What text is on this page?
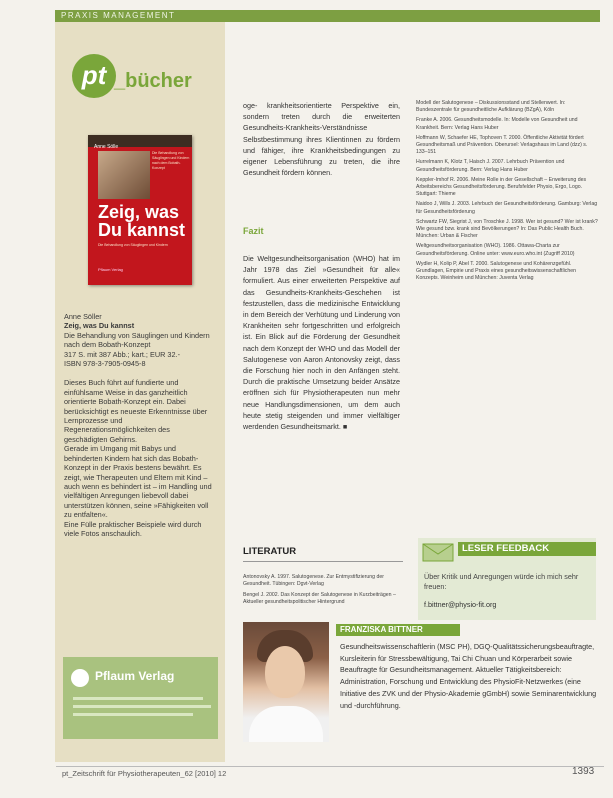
PRAXIS MANAGEMENT
pt _bücher
Anne Sölle
Die Behandlung von Säuglingen und Kindern nach dem Bobath-Konzept
Zeig, was
Du kannst
Die Behandlung von Säuglingen und Kindern
Pflaum Verlag

Anne Söller

Zeig, was Du kannst

Die Behandlung von Säuglingen und Kindern nach dem Bobath-Konzept

317 S. mit 387 Abb.; kart.; EUR 32.-

ISBN 978-3-7905-0945-8

Dieses Buch führt auf fundierte und einfühlsame Weise in das ganzheitlich orientierte Bobath-Konzept ein. Dabei berücksichtigt es neueste Erkenntnisse über Lernprozesse und Regenerationsmöglichkeiten des geschädigten Gehirns.

Gerade im Umgang mit Babys und behinderten Kindern hat sich das Bobath-Konzept in der Praxis bestens bewährt. Es zeigt, wie Therapeuten und Eltern mit Kind – auch wenn es behindert ist – im Handling und vielfältigen Anregungen liebevoll dabei unterstützen können, seine »Fähigkeiten voll zu entfalten«.

Eine Fülle praktischer Beispiele wird durch viele Fotos anschaulich.

Pflaum Verlag

oge- krankheitsorientierte Perspektive ein, sondern treten durch die erweiterten Gesundheits-Krankheits-Verständnisse Selbstbestimmung ihres Klientinnen zu fördern und fähiger, ihre Krankheitsbedingungen zu eigener Lebensführung zu treten, die ihre Gesundheit fördern können.

Fazit

Die Weltgesundheitsorganisation (WHO) hat im Jahr 1978 das Ziel »Gesundheit für alle« formuliert. Aus einer erweiterten Perspektive auf das Gesundheits-Krankheits-Geschehen ist festzustellen, dass die medizinische Entwicklung in dem Bereich der Verhütung und Linderung von Krankheiten sehr fortgeschritten und erfolgreich ist. Ein Blick auf die Förderung der Gesundheit nach dem Konzept der WHO und das Modell der Salutogenese von Aaron Antonovsky zeigt, dass die Forschung hier noch in den Anfängen steht. Durch die praktische Umsetzung beider Ansätze eröffnen sich für Physiotherapeuten nun mehr neue Handlungsdimensionen, um dem auch heute stetig steigenden und immer vielfältiger werdenden Gesundheitsmarkt. ■

LITERATUR

Antonovsky A. 1997. Salutogenese. Zur Entmystifizierung der Gesundheit. Tübingen: Dgvt-Verlag

Bengel J. 2002. Das Konzept der Salutogenese in Kurzbeiträgen – Aktueller gesundheitspolitischer Hintergrund

Modell der Salutogenese – Diskussionsstand und Stellenwert. In: Bundeszentrale für gesundheitliche Aufklärung (BZgA), Köln

Franke A. 2006. Gesundheitsmodelle. In: Modelle von Gesundheit und Krankheit. Bern: Verlag Hans Huber

Hoffmann W, Schaefer HE, Tophoven T. 2000. Öffentliche Aktivität fördert Gesundheitsmaß und Prävention. Oberursel: Verlagshaus im Land (dzz) s. 133–151

Hurrelmann K, Klotz T, Haisch J. 2007. Lehrbuch Prävention und Gesundheitsförderung. Bern: Verlag Hans Huber

Keppler-Imhof R. 2006. Meine Rolle in der Gesellschaft – Erweiterung des Arbeitsbereichs Gesundheitsförderung. Berufsfelder Physio, Ergo, Logo. Stuttgart: Thieme

Naidoo J, Wills J. 2003. Lehrbuch der Gesundheitsförderung. Gamburg: Verlag für Gesundheitsförderung

Schwartz FW, Siegrist J, von Troschke J. 1998. Wer ist gesund? Wer ist krank? Wie gesund bzw. krank sind Bevölkerungen? In: Das Public Health Buch. München: Urban & Fischer

Weltgesundheitsorganisation (WHO). 1986. Ottawa-Charta zur Gesundheitsförderung. Online unter: www.euro.who.int (Zugriff 2010)

Wydler H, Kolip P, Abel T. 2000. Salutogenese und Kohärenzgefühl. Grundlagen, Empirie und Praxis eines gesundheitswissenschaftlichen Konzepts. Weinheim und München: Juventa Verlag

LESER FEEDBACK
Über Kritik und Anregungen würde ich mich sehr freuen:
f.bittner@physio-fit.org
FRANZISKA BITTNER
Gesundheitswissenschaftlerin (MSC PH), DGQ-Qualitätssicherungsbeauftragte, Kursleiterin für Stressbewältigung, Tai Chi Chuan und Körperarbeit sowie Beauftragte für Gesundheitsmanagement. Aktueller Tätigkeitsbereich: Administration, Forschung und Entwicklung des PhysioFit-Netzwerkes (eine Initiative des ZVK und der Physio-Akademie gGmbH) sowie Seminarentwicklung und -durchführung.
pt_Zeitschrift für Physiotherapeuten_62 [2010] 12	1393
